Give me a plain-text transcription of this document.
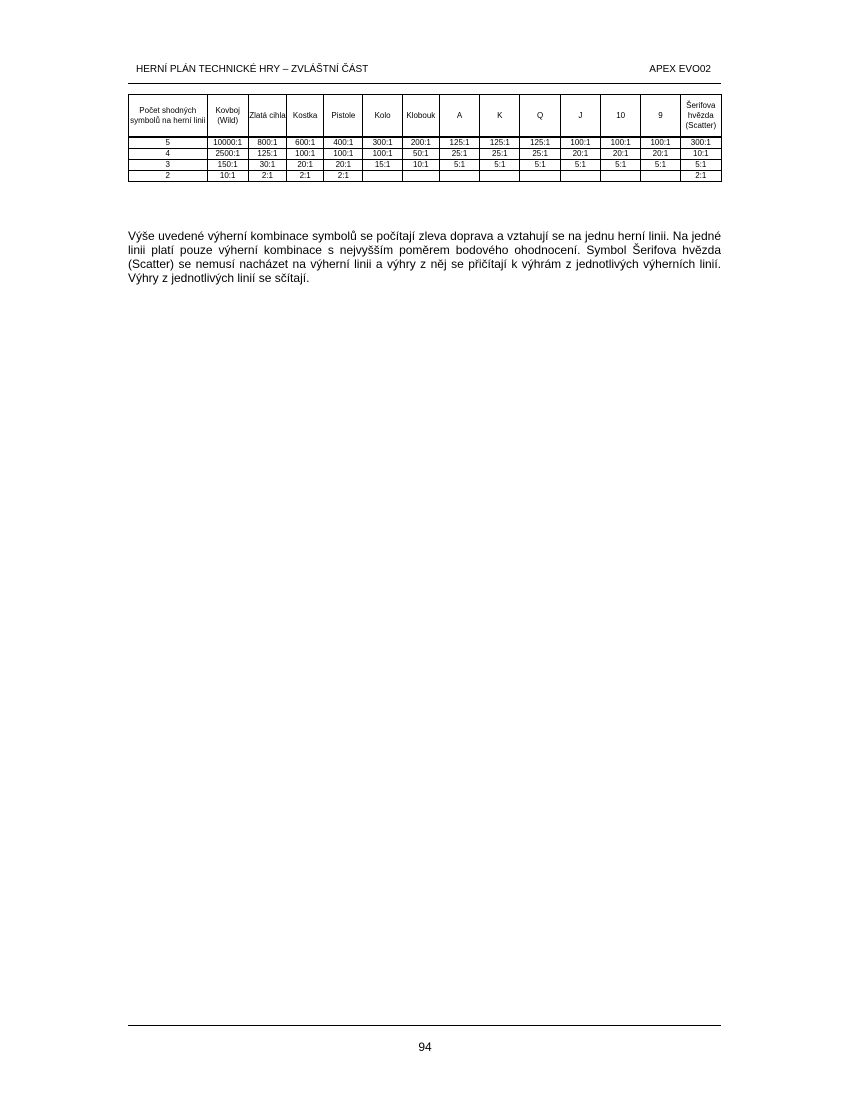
HERNÍ PLÁN TECHNICKÉ HRY – ZVLÁŠTNÍ ČÁST	APEX EVO02
Počet shodných symbolů na herní linii	Kovboj (Wild)	Zlatá cihla	Kostka	Pistole	Kolo	Klobouk	A	K	Q	J	10	9	Šerifova hvězda (Scatter)
5	10000:1	800:1	600:1	400:1	300:1	200:1	125:1	125:1	125:1	100:1	100:1	100:1	300:1
4	2500:1	125:1	100:1	100:1	100:1	50:1	25:1	25:1	25:1	20:1	20:1	20:1	10:1
3	150:1	30:1	20:1	20:1	15:1	10:1	5:1	5:1	5:1	5:1	5:1	5:1	5:1
2	10:1	2:1	2:1	2:1									2:1

Výše uvedené výherní kombinace symbolů se počítají zleva doprava a vztahují se na jednu herní linii. Na jedné linii platí pouze výherní kombinace s nejvyšším poměrem bodového ohodnocení. Symbol Šerifova hvězda (Scatter) se nemusí nacházet na výherní linii a výhry z něj se přičítají k výhrám z jednotlivých výherních linií. Výhry z jednotlivých linií se sčítají.

94
